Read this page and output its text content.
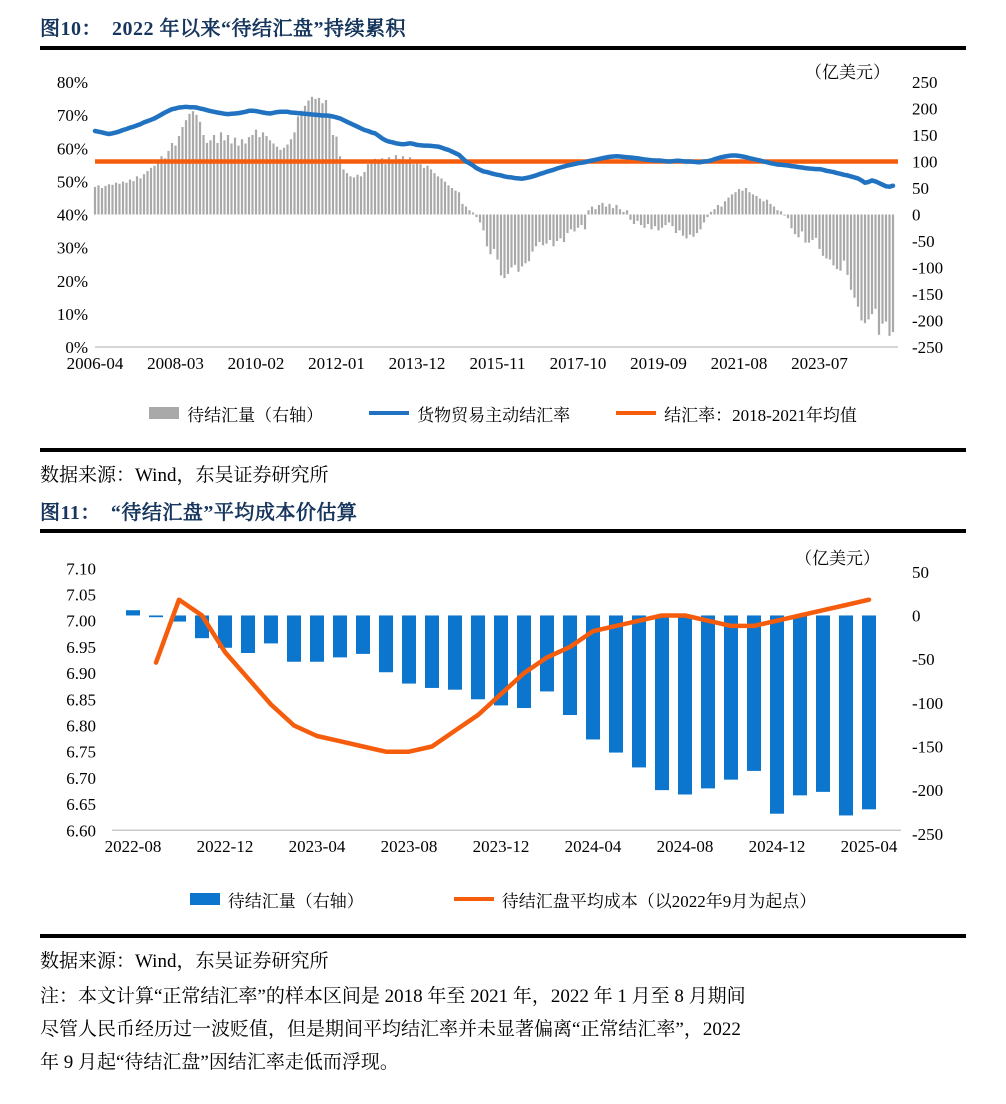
图10： 2022 年以来“待结汇盘”持续累积
80%
70%
60%
50%
40%
30%
20%
10%
0%
250
200
150
100
50
0
-50
-100
-150
-200
-250
2006-04 2008-03 2010-02 2012-01 2013-12 2015-11 2017-10 2019-09 2021-08 2023-07
（亿美元）
待结汇量（右轴）	货物贸易主动结汇率	结汇率：2018-2021年均值
数据来源：Wind，东吴证券研究所
图11： “待结汇盘”平均成本价估算
7.10
7.05
7.00
6.95
6.90
6.85
6.80
6.75
6.70
6.65
6.60
50
0
-50
-100
-150
-200
-250
2022-08 2022-12 2023-04 2023-08 2023-12 2024-04 2024-08 2024-12 2025-04
（亿美元）
待结汇量（右轴）	待结汇盘平均成本（以2022年9月为起点）
数据来源：Wind，东吴证券研究所
注：本文计算“正常结汇率”的样本区间是 2018 年至 2021 年，2022 年 1 月至 8 月期间
尽管人民币经历过一波贬值，但是期间平均结汇率并未显著偏离“正常结汇率”，2022
年 9 月起“待结汇盘”因结汇率走低而浮现。
